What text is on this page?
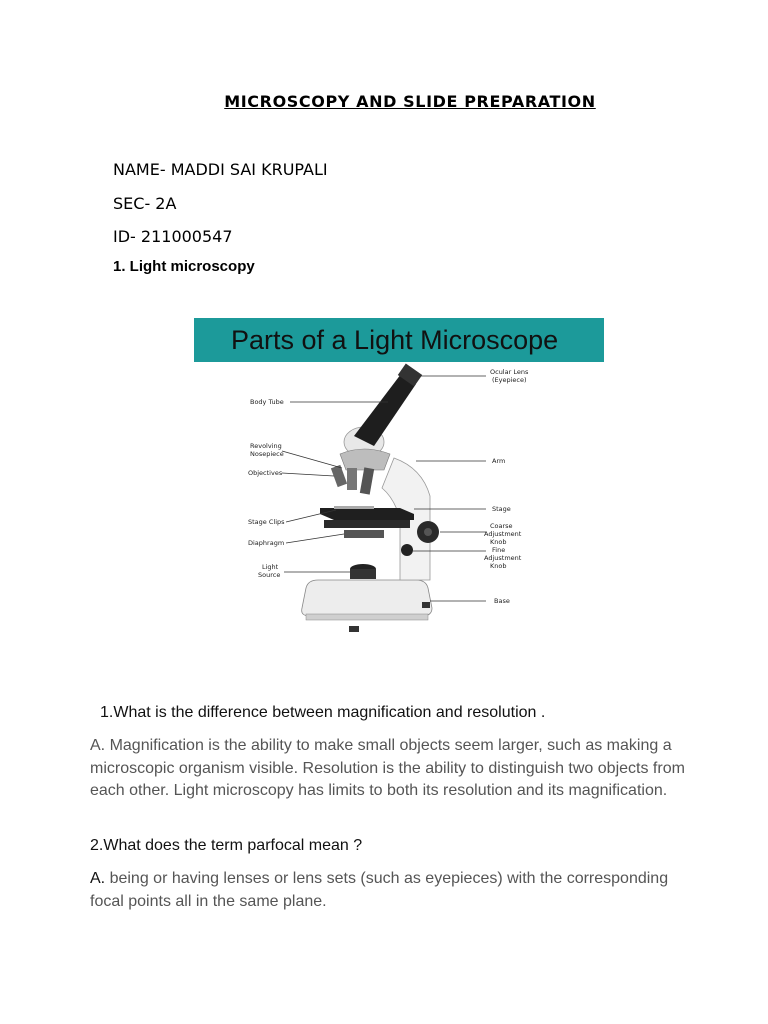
MICROSCOPY AND SLIDE PREPARATION
NAME- MADDI SAI KRUPALI
SEC- 2A
ID- 211000547
1. Light microscopy
Parts of a Light Microscope
Ocular Lens
(Eyepiece)
Body Tube
Revolving
Nosepiece
Objectives
Arm
Stage
Stage Clips	Coarse
Adjustment
Knob
Diaphragm
Fine
Adjustment
Knob
Light
Source
Base
1.What is the difference between magnification and resolution .
A. Magnification is the ability to make small objects seem larger, such as making a microscopic organism visible. Resolution is the ability to distinguish two objects from each other. Light microscopy has limits to both its resolution and its magnification.
2.What does the term parfocal mean ?
A. being or having lenses or lens sets (such as eyepieces) with the corresponding focal points all in the same plane.
